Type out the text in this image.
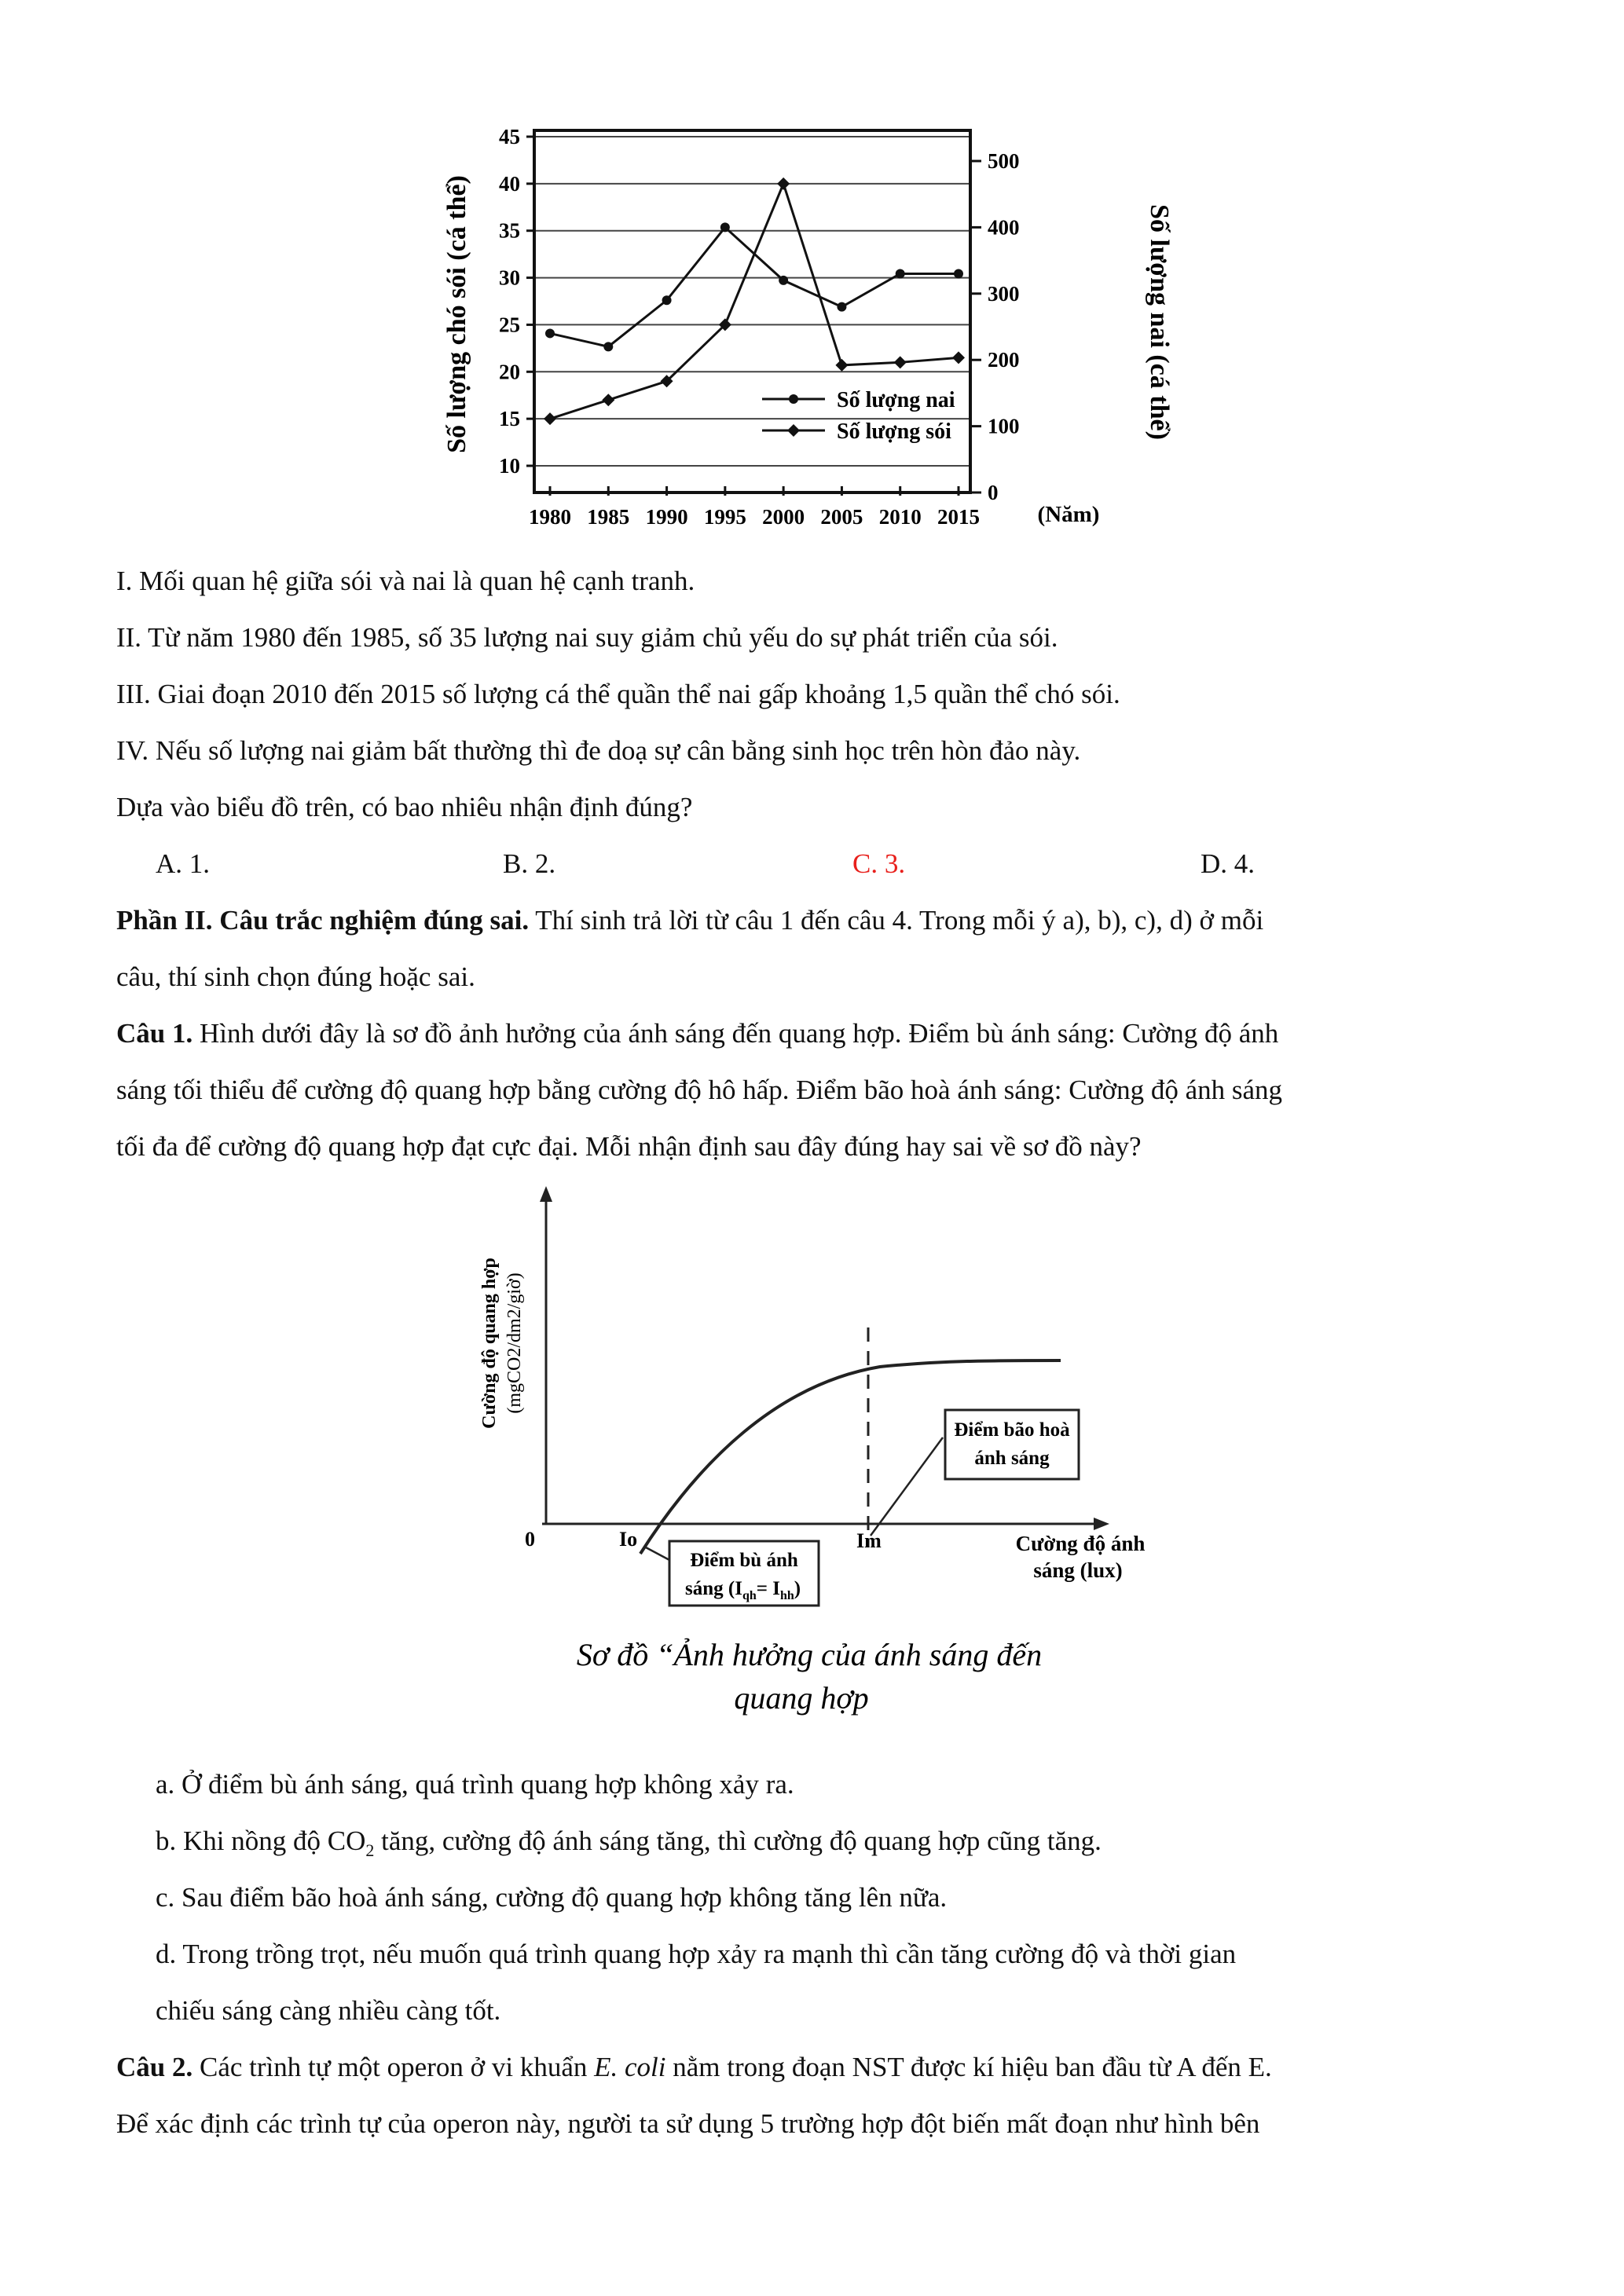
10
15
20
25
30
35
40
45
0
100
200
300
400
500
1980 1985 1990 1995 2000 2005 2010 2015
Số lượng chó sói (cá thể)	Số lượng nai (cá thể)
(Năm)
Số lượng nai
Số lượng sói
I. Mối quan hệ giữa sói và nai là quan hệ cạnh tranh.
II. Từ năm 1980 đến 1985, số 35 lượng nai suy giảm chủ yếu do sự phát triển của sói.
III. Giai đoạn 2010 đến 2015 số lượng cá thể quần thể nai gấp khoảng 1,5 quần thể chó sói.
IV. Nếu số lượng nai giảm bất thường thì đe doạ sự cân bằng sinh học trên hòn đảo này.
Dựa vào biểu đồ trên, có bao nhiêu nhận định đúng?
A. 1.	B. 2.	C. 3.	D. 4.
Phần II. Câu trắc nghiệm đúng sai. Thí sinh trả lời từ câu 1 đến câu 4. Trong mỗi ý a), b), c), d) ở mỗi
câu, thí sinh chọn đúng hoặc sai.
Câu 1. Hình dưới đây là sơ đồ ảnh hưởng của ánh sáng đến quang hợp. Điểm bù ánh sáng: Cường độ ánh
sáng tối thiểu để cường độ quang hợp bằng cường độ hô hấp. Điểm bão hoà ánh sáng: Cường độ ánh sáng
tối đa để cường độ quang hợp đạt cực đại. Mỗi nhận định sau đây đúng hay sai về sơ đồ này?
Cường độ quang hợp (mgCO2/dm2/giờ)
0	Io	Im	Cường độ ánh
sáng (lux)
Điểm bù ánh
sáng $(I_{qh}= I_{hh})$
Điểm bão hoà
ánh sáng
Sơ đồ “Ảnh hưởng của ánh sáng đến
quang hợp
a. Ở điểm bù ánh sáng, quá trình quang hợp không xảy ra.
b. Khi nồng độ $CO_2$ tăng, cường độ ánh sáng tăng, thì cường độ quang hợp cũng tăng.
c. Sau điểm bão hoà ánh sáng, cường độ quang hợp không tăng lên nữa.
d. Trong trồng trọt, nếu muốn quá trình quang hợp xảy ra mạnh thì cần tăng cường độ và thời gian
chiếu sáng càng nhiều càng tốt.
Câu 2. Các trình tự một operon ở vi khuẩn E. coli nằm trong đoạn NST được kí hiệu ban đầu từ A đến E.
Để xác định các trình tự của operon này, người ta sử dụng 5 trường hợp đột biến mất đoạn như hình bên
